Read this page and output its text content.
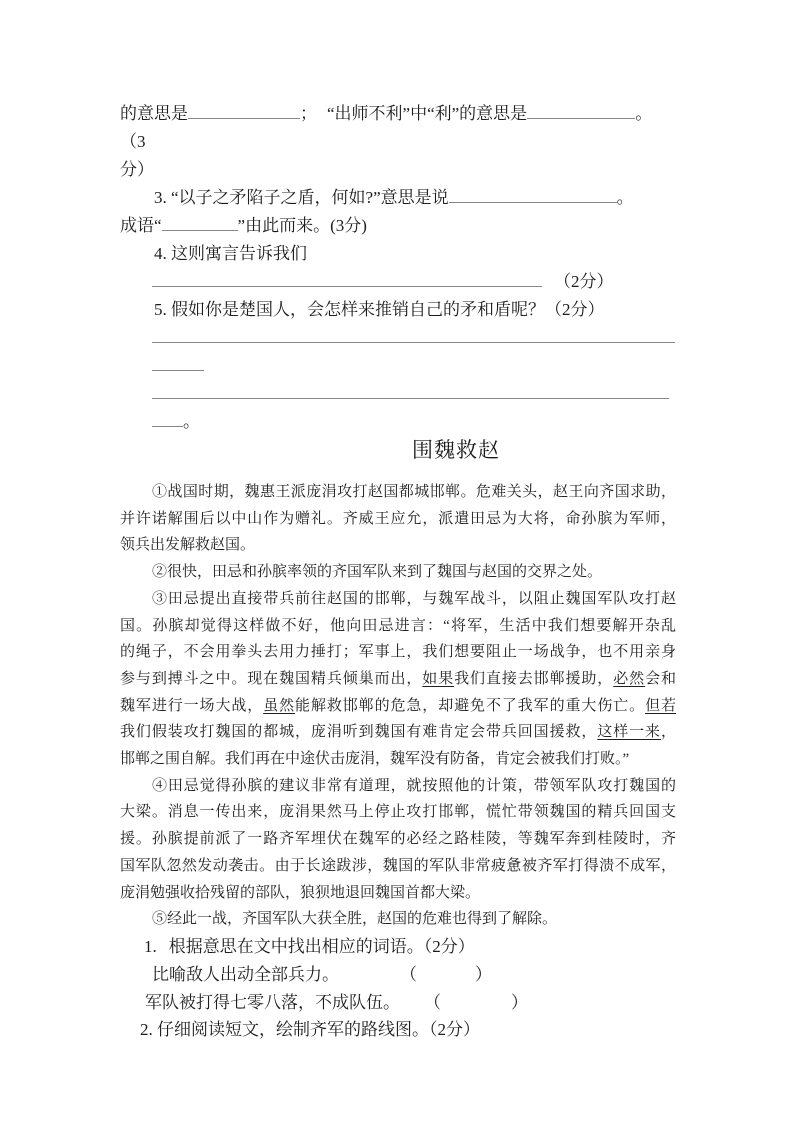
的意思是	； “出师不利”中“利”的意思是	。（3
分）
3. “以子之矛陷子之盾，何如?”意思是说	。
成语“	”由此而来。(3分)
4. 这则寓言告诉我们
（2分）
5. 假如你是楚国人，会怎样来推销自己的矛和盾呢？（2分）
。
围魏救赵
①战国时期，魏惠王派庞涓攻打赵国都城邯郸。危难关头，赵王向齐国求助，
并许诺解围后以中山作为赠礼。齐威王应允，派遣田忌为大将，命孙膑为军师，
领兵出发解救赵国。
②很快，田忌和孙膑率领的齐国军队来到了魏国与赵国的交界之处。
③田忌提出直接带兵前往赵国的邯郸，与魏军战斗，以阻止魏国军队攻打赵
国。孙膑却觉得这样做不好，他向田忌进言：“将军，生活中我们想要解开杂乱
的绳子，不会用拳头去用力捶打；军事上，我们想要阻止一场战争，也不用亲身
参与到搏斗之中。现在魏国精兵倾巢而出，如果我们直接去邯郸援助，必然会和
魏军进行一场大战，虽然能解救邯郸的危急，却避免不了我军的重大伤亡。但若
我们假装攻打魏国的都城，庞涓听到魏国有难肯定会带兵回国援救，这样一来，
邯郸之围自解。我们再在中途伏击庞涓，魏军没有防备，肯定会被我们打败。”
④田忌觉得孙膑的建议非常有道理，就按照他的计策，带领军队攻打魏国的
大梁。消息一传出来，庞涓果然马上停止攻打邯郸，慌忙带领魏国的精兵回国支
援。孙膑提前派了一路齐军埋伏在魏军的必经之路桂陵，等魏军奔到桂陵时，齐
国军队忽然发动袭击。由于长途跋涉，魏国的军队非常疲惫被齐军打得溃不成军，
庞涓勉强收拾残留的部队，狼狈地退回魏国首都大梁。
⑤经此一战，齐国军队大获全胜，赵国的危难也得到了解除。
1. 根据意思在文中找出相应的词语。（2分）
比喻敌人出动全部兵力。	（	）
军队被打得七零八落，不成队伍。 （	）
2. 仔细阅读短文，绘制齐军的路线图。（2分）
